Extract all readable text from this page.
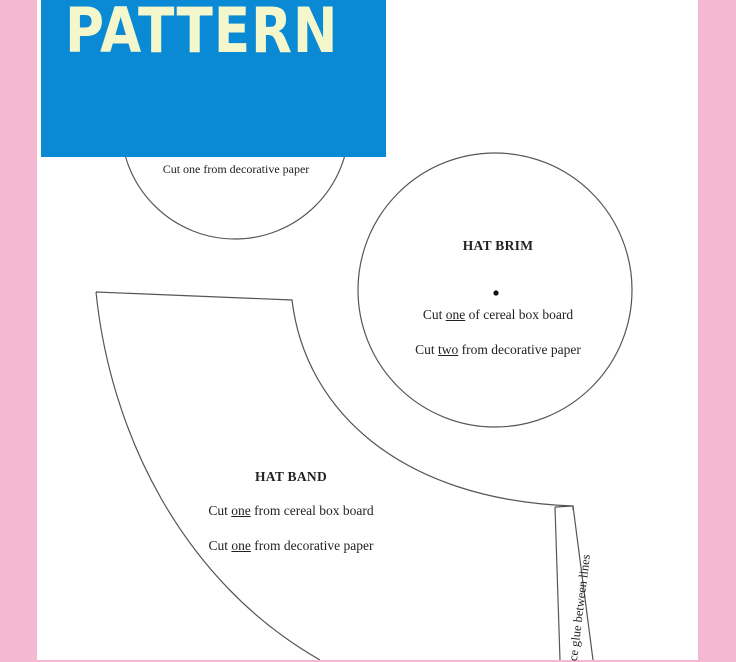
PATTERN
Cut one from decorative paper
HAT BRIM
Cut one of cereal box board
Cut two from decorative paper
HAT BAND
Cut one from cereal box board
Cut one from decorative paper
ce glue between lines
